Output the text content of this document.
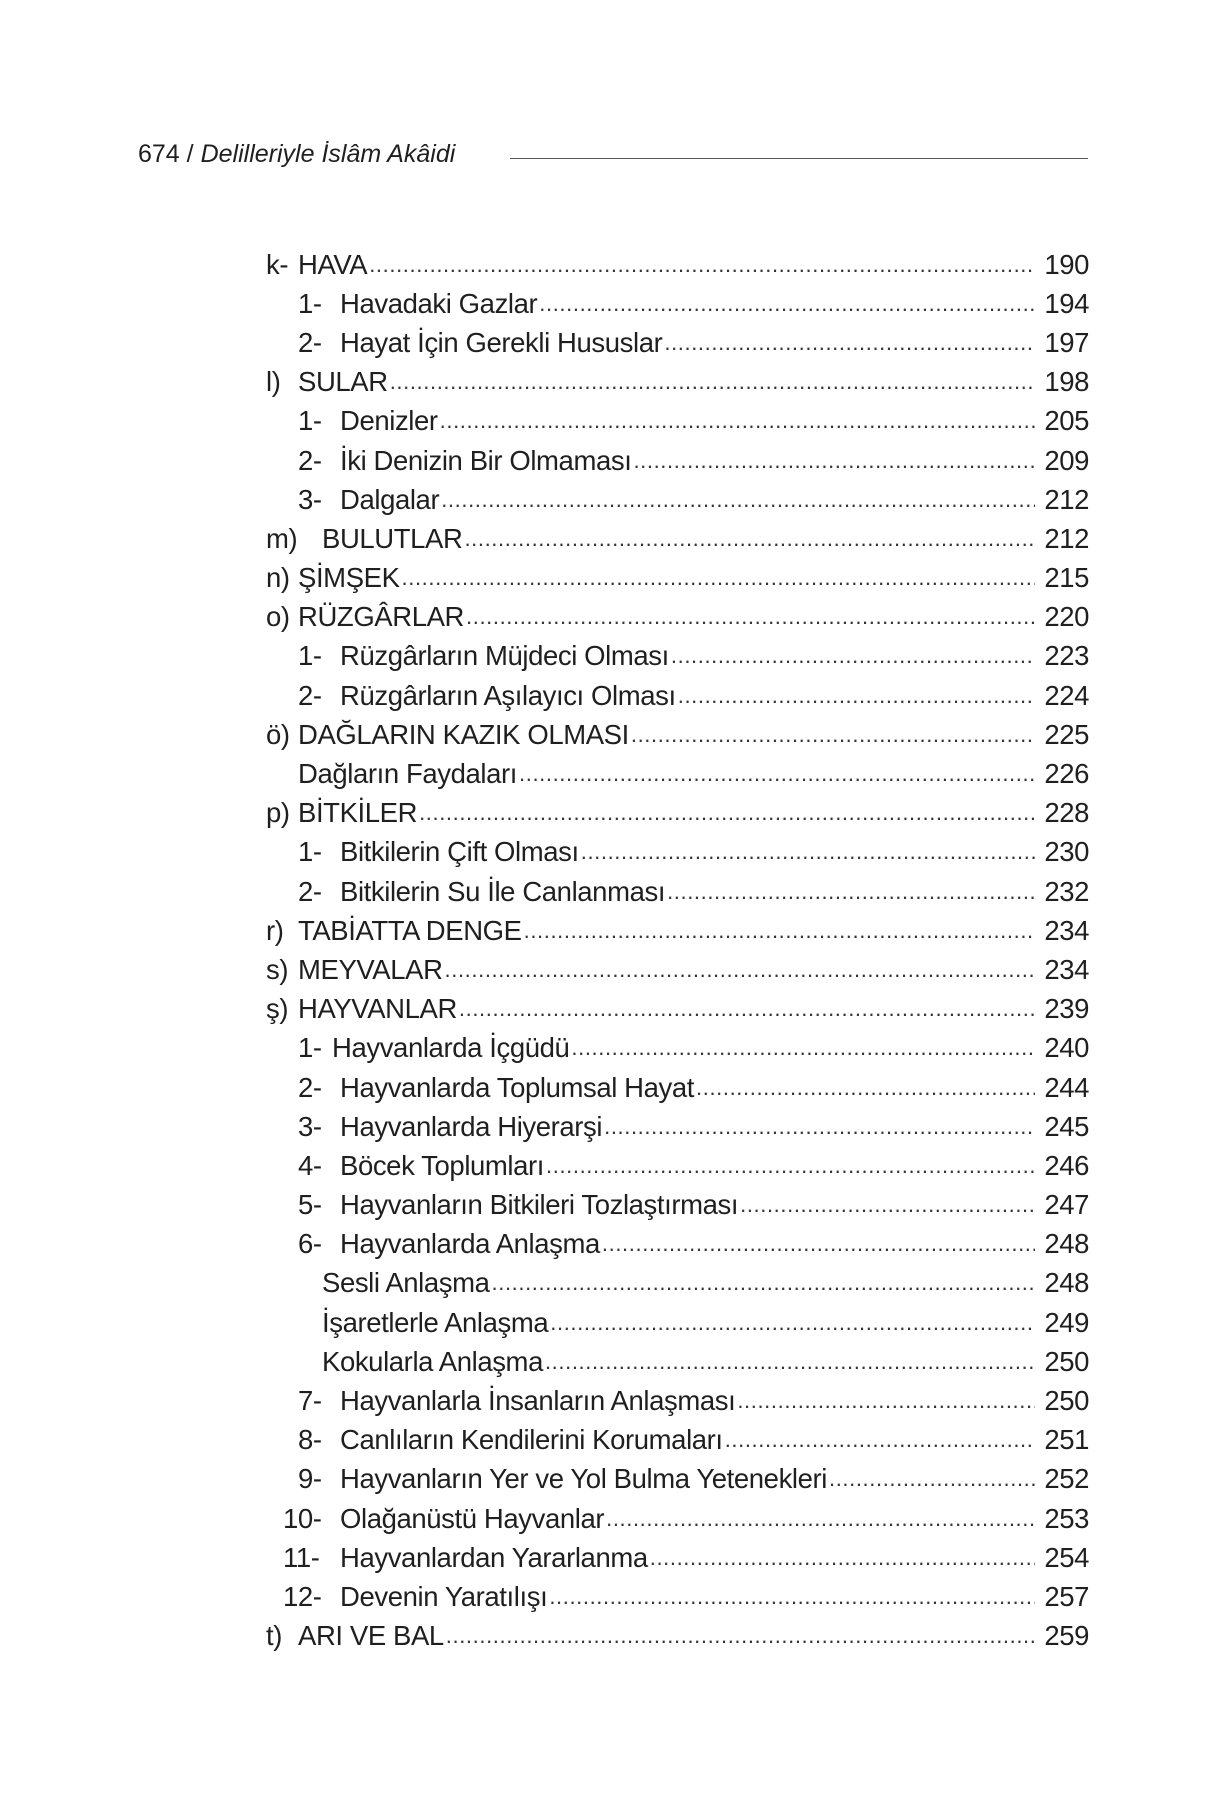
674 / Delilleriyle İslâm Akâidi
k- HAVA .....	190
1- Havadaki Gazlar .....	194
2- Hayat İçin Gerekli Hususlar .....	197
l) SULAR .....	198
1- Denizler .....	205
2- İki Denizin Bir Olmaması .....	209
3- Dalgalar .....	212
m) BULUTLAR .....	212
n) ŞİMŞEK .....	215
o) RÜZGÂRLAR .....	220
1- Rüzgârların Müjdeci Olması .....	223
2- Rüzgârların Aşılayıcı Olması .....	224
ö) DAĞLARIN KAZIK OLMASI .....	225
Dağların Faydaları .....	226
p) BİTKİLER .....	228
1- Bitkilerin Çift Olması .....	230
2- Bitkilerin Su İle Canlanması .....	232
r) TABİATTA DENGE .....	234
s) MEYVALAR .....	234
ş) HAYVANLAR .....	239
1- Hayvanlarda İçgüdü .....	240
2- Hayvanlarda Toplumsal Hayat .....	244
3- Hayvanlarda Hiyerarşi .....	245
4- Böcek Toplumları .....	246
5- Hayvanların Bitkileri Tozlaştırması .....	247
6- Hayvanlarda Anlaşma .....	248
Sesli Anlaşma .....	248
İşaretlerle Anlaşma .....	249
Kokularla Anlaşma .....	250
7- Hayvanlarla İnsanların Anlaşması .....	250
8- Canlıların Kendilerini Korumaları .....	251
9- Hayvanların Yer ve Yol Bulma Yetenekleri .....	252
10- Olağanüstü Hayvanlar .....	253
11- Hayvanlardan Yararlanma .....	254
12- Devenin Yaratılışı .....	257
t) ARI VE BAL .....	259
